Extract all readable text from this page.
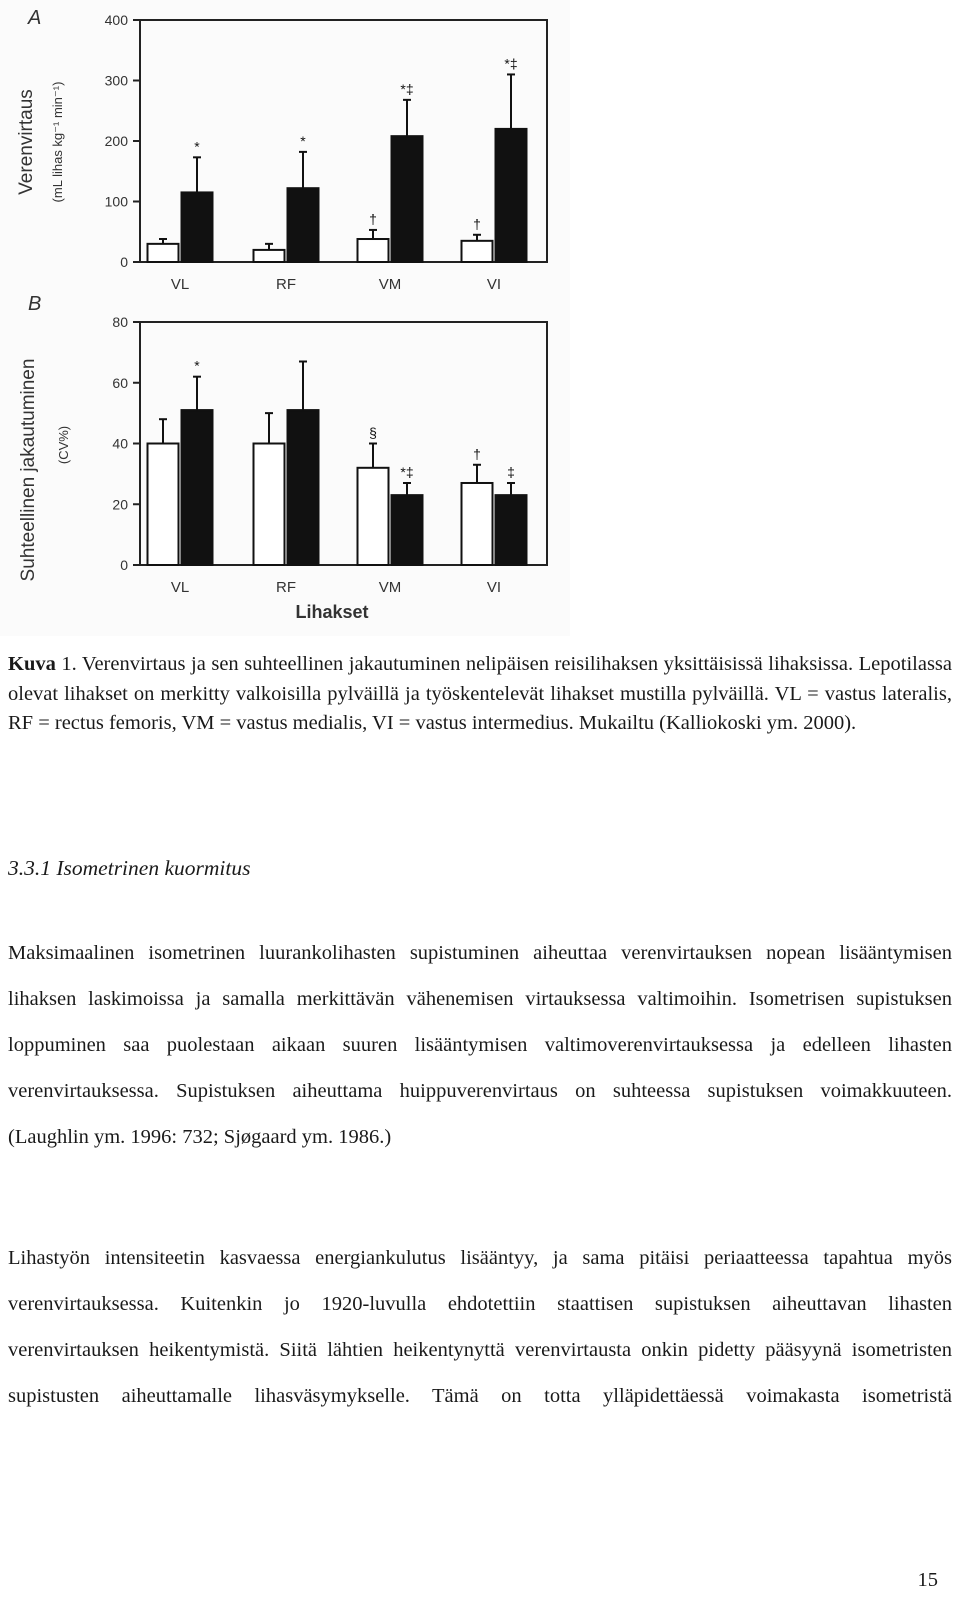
A
B
Verenvirtaus (mL lihas kg⁻¹ min⁻¹)
Suhteellinen jakautuminen (CV%)
Lihakset
0
100
200
300
400
VL	RF	VM	VI
†	†
*	*
*‡
*‡
0
20
40
60
80
VL	RF	VM	VI
§
†
*
*‡	‡
Kuva 1. Verenvirtaus ja sen suhteellinen jakautuminen nelipäisen reisilihaksen yksittäisissä lihaksissa. Lepotilassa olevat lihakset on merkitty valkoisilla pylväillä ja työskentelevät lihakset mustilla pylväillä. VL = vastus lateralis, RF = rectus femoris, VM = vastus medialis, VI = vastus intermedius. Mukailtu (Kalliokoski ym. 2000).
3.3.1 Isometrinen kuormitus

Maksimaalinen isometrinen luurankolihasten supistuminen aiheuttaa verenvirtauksen nopean lisääntymisen lihaksen laskimoissa ja samalla merkittävän vähenemisen virtauksessa valtimoihin. Isometrisen supistuksen loppuminen saa puolestaan aikaan suuren lisääntymisen valtimoverenvirtauksessa ja edelleen lihasten verenvirtauksessa. Supistuksen aiheuttama huippuverenvirtaus on suhteessa supistuksen voimakkuuteen. (Laughlin ym. 1996: 732; Sjøgaard ym. 1986.)

Lihastyön intensiteetin kasvaessa energiankulutus lisääntyy, ja sama pitäisi periaatteessa tapahtua myös verenvirtauksessa. Kuitenkin jo 1920-luvulla ehdotettiin staattisen supistuksen aiheuttavan lihasten verenvirtauksen heikentymistä. Siitä lähtien heikentynyttä verenvirtausta onkin pidetty pääsyynä isometristen supistusten aiheuttamalle lihasväsymykselle. Tämä on totta ylläpidettäessä voimakasta isometristä

15
